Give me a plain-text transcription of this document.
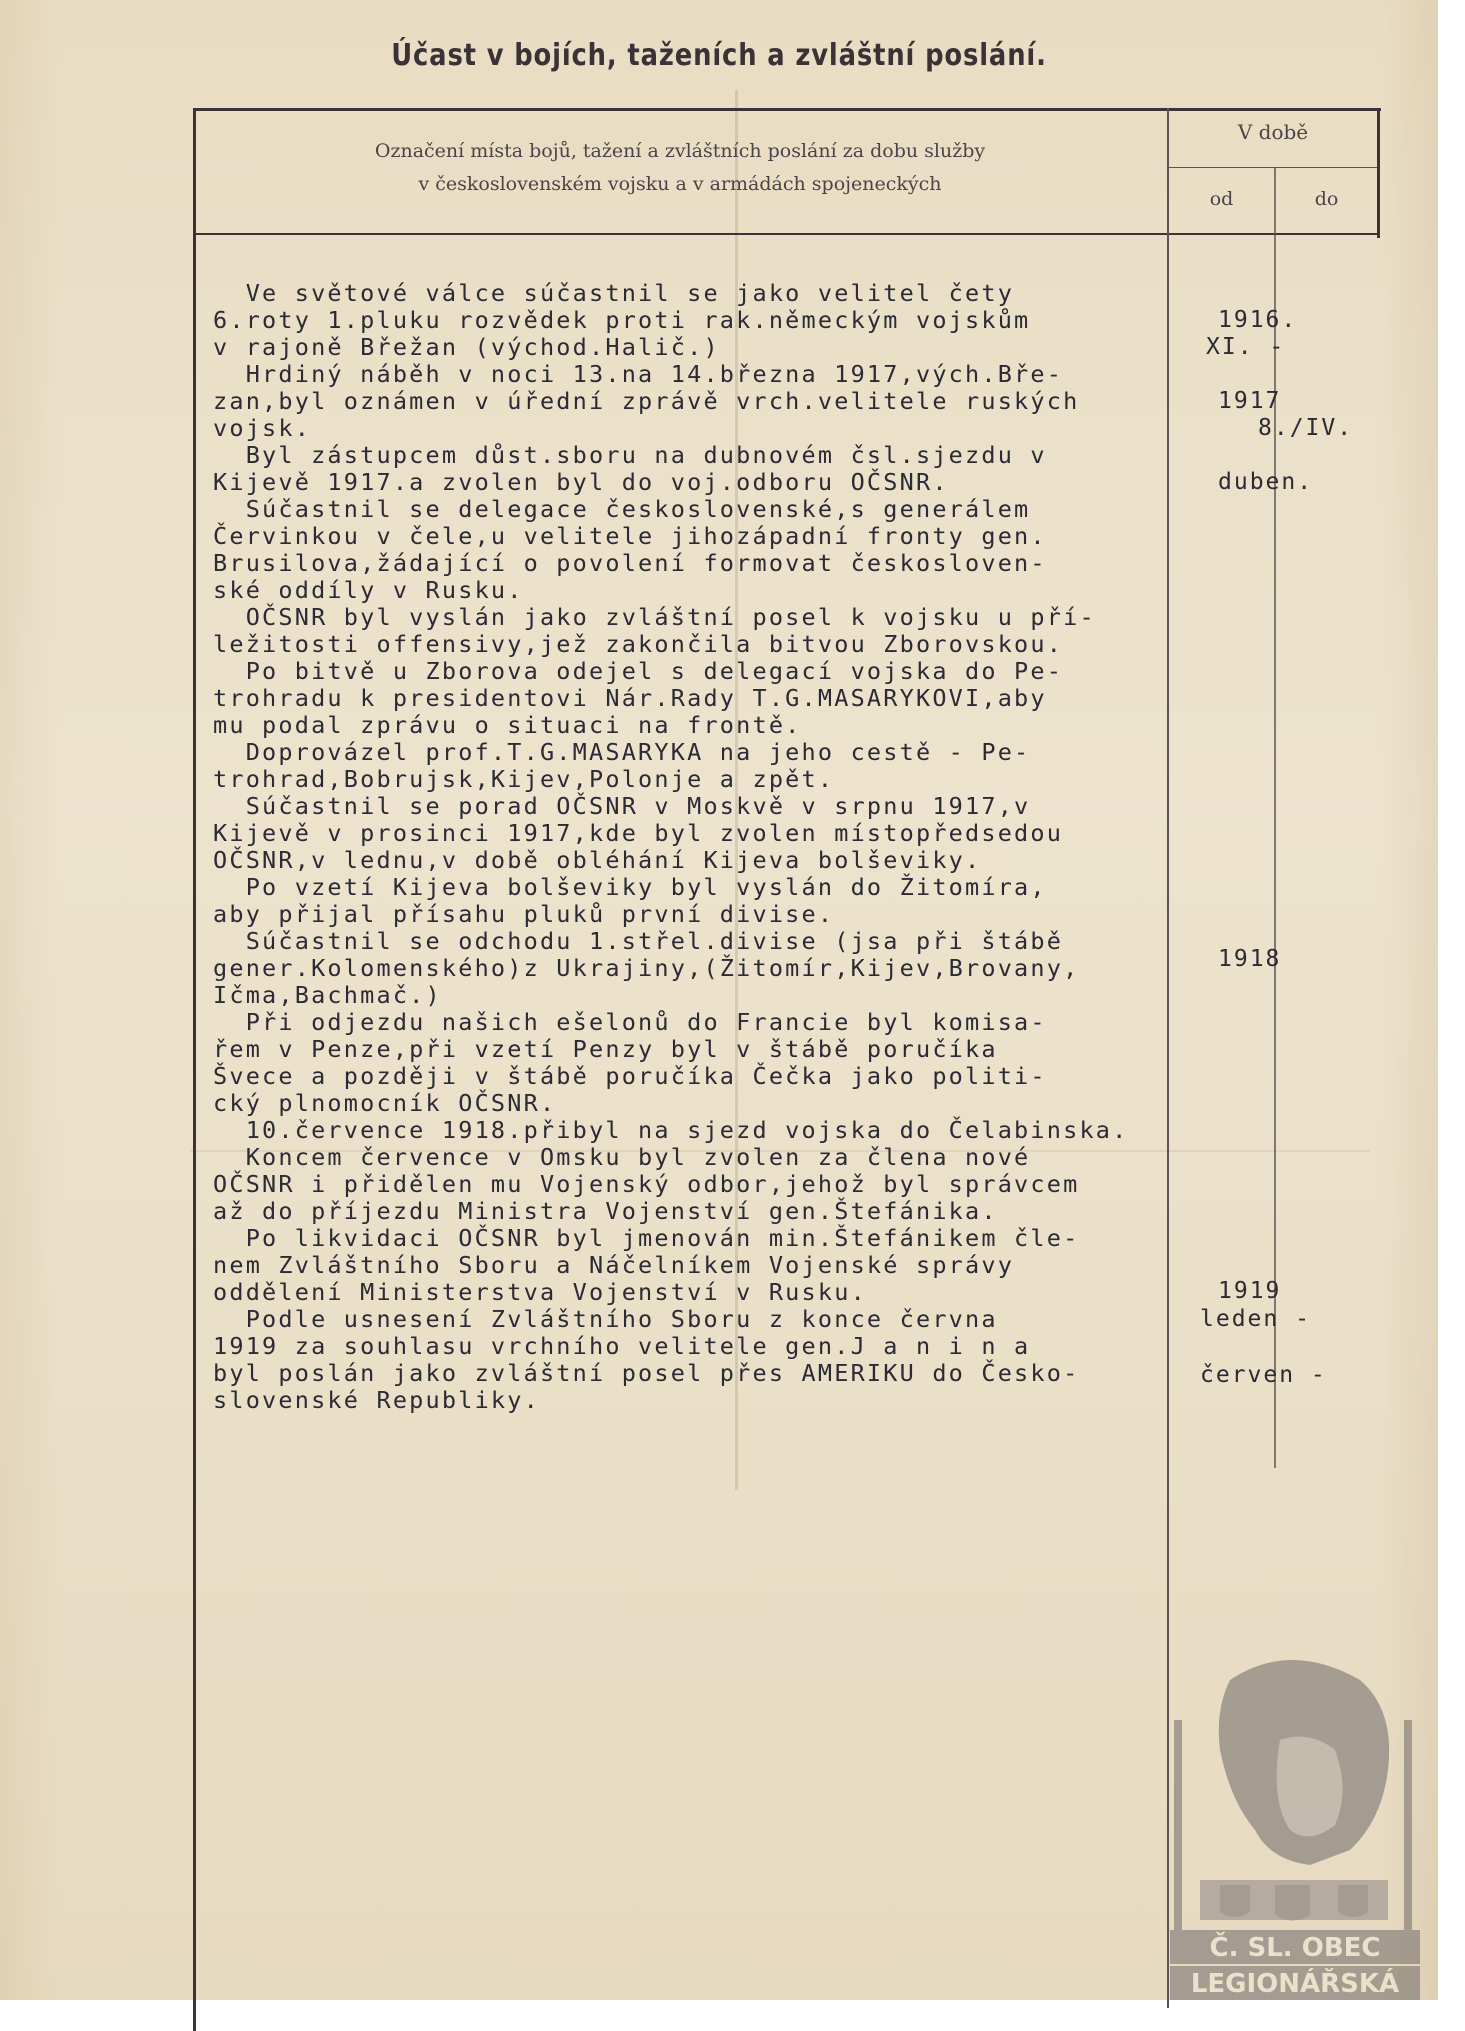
Účast v bojích, taženích a zvláštní poslání.
Označení místa bojů, tažení a zvláštních poslání za dobu služby
v československém vojsku a v armádách spojeneckých
V době
od	do
Ve světové válce súčastnil se jako velitel čety
6.roty 1.pluku rozvědek proti rak.německým vojskům
v rajoně Břežan (východ.Halič.)
Hrdiný náběh v noci 13.na 14.března 1917,vých.Bře-
zan,byl oznámen v úřední zprávě vrch.velitele ruských
vojsk.
Byl zástupcem důst.sboru na dubnovém čsl.sjezdu v
Kijevě 1917.a zvolen byl do voj.odboru OČSNR.
Súčastnil se delegace československé,s generálem
Červinkou v čele,u velitele jihozápadní fronty gen.
Brusilova,žádající o povolení formovat českosloven-
ské oddíly v Rusku.
OČSNR byl vyslán jako zvláštní posel k vojsku u pří-
ležitosti offensivy,jež zakončila bitvou Zborovskou.
Po bitvě u Zborova odejel s delegací vojska do Pe-
trohradu k presidentovi Nár.Rady T.G.MASARYKOVI,aby
mu podal zprávu o situaci na frontě.
Doprovázel prof.T.G.MASARYKA na jeho cestě - Pe-
trohrad,Bobrujsk,Kijev,Polonje a zpět.
Súčastnil se porad OČSNR v Moskvě v srpnu 1917,v
Kijevě v prosinci 1917,kde byl zvolen místopředsedou
OČSNR,v lednu,v době obléhání Kijeva bolševiky.
Po vzetí Kijeva bolševiky byl vyslán do Žitomíra,
aby přijal přísahu pluků první divise.
Súčastnil se odchodu 1.střel.divise (jsa při štábě
gener.Kolomenského)z Ukrajiny,(Žitomír,Kijev,Brovany,
Ičma,Bachmač.)
Při odjezdu našich ešelonů do Francie byl komisa-
řem v Penze,při vzetí Penzy byl v štábě poručíka
Švece a později v štábě poručíka Čečka jako politi-
cký plnomocník OČSNR.
10.července 1918.přibyl na sjezd vojska do Čelabinska.
Koncem července v Omsku byl zvolen za člena nové
OČSNR i přidělen mu Vojenský odbor,jehož byl správcem
až do příjezdu Ministra Vojenství gen.Štefánika.
Po likvidaci OČSNR byl jmenován min.Štefánikem čle-
nem Zvláštního Sboru a Náčelníkem Vojenské správy
oddělení Ministerstva Vojenství v Rusku.
Podle usnesení Zvláštního Sboru z konce června
1919 za souhlasu vrchního velitele gen.J a n i n a
byl poslán jako zvláštní posel přes AMERIKU do Česko-
slovenské Republiky.
1916.
XI. -
1917
8./IV.
duben.
1918
1919
leden -
červen -
Č. SL. OBEC
LEGIONÁŘSKÁ
